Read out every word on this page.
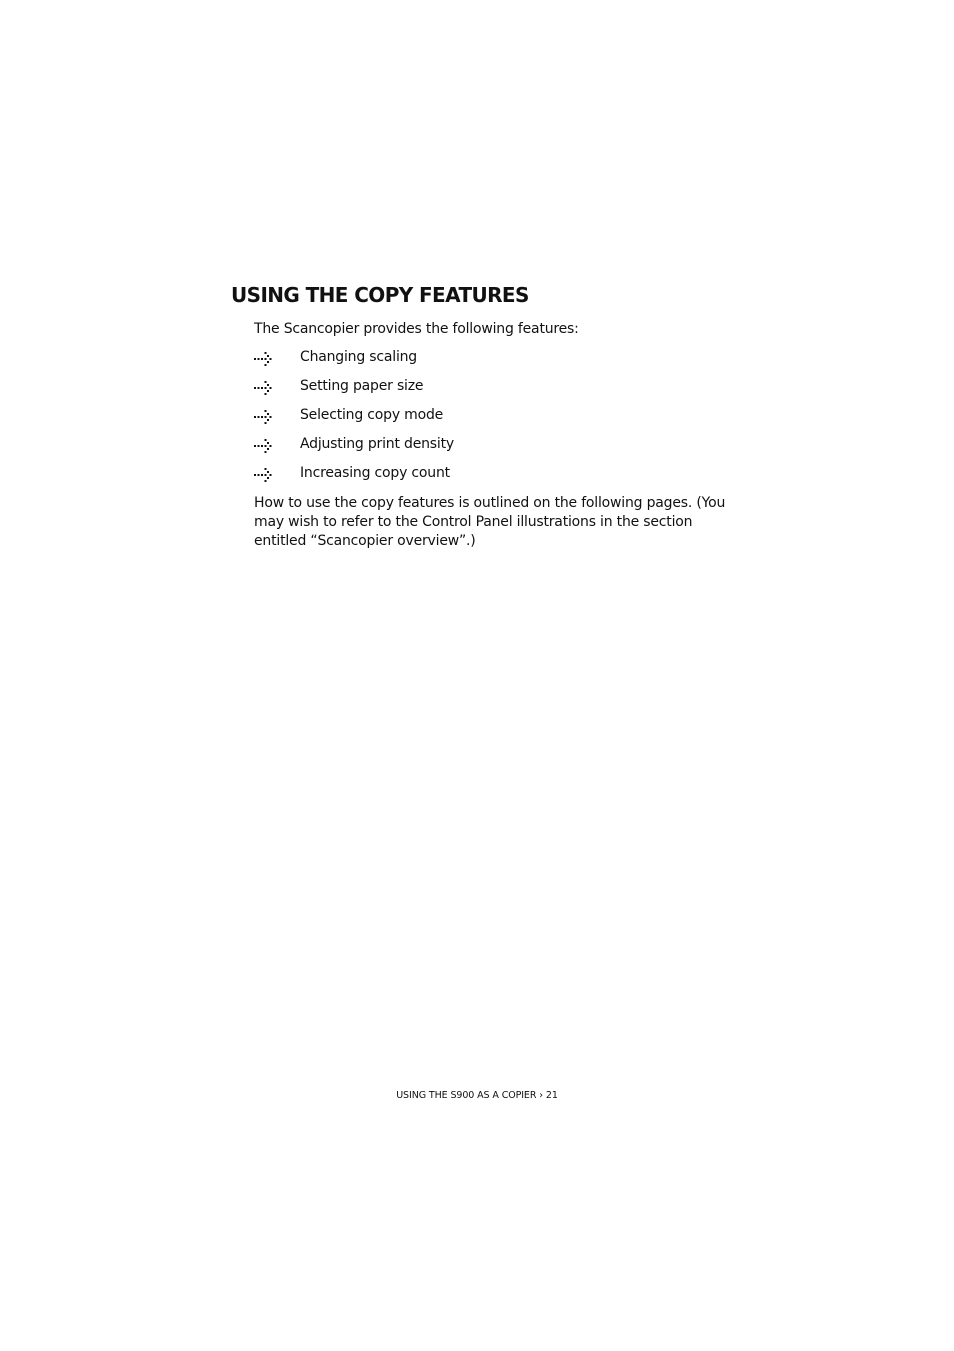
USING THE COPY FEATURES

The Scancopier provides the following features:

Changing scaling
Setting paper size
Selecting copy mode
Adjusting print density
Increasing copy count

How to use the copy features is outlined on the following pages. (You may wish to refer to the Control Panel illustrations in the section entitled “Scancopier overview”.)

USING THE S900 AS A COPIER › 21
